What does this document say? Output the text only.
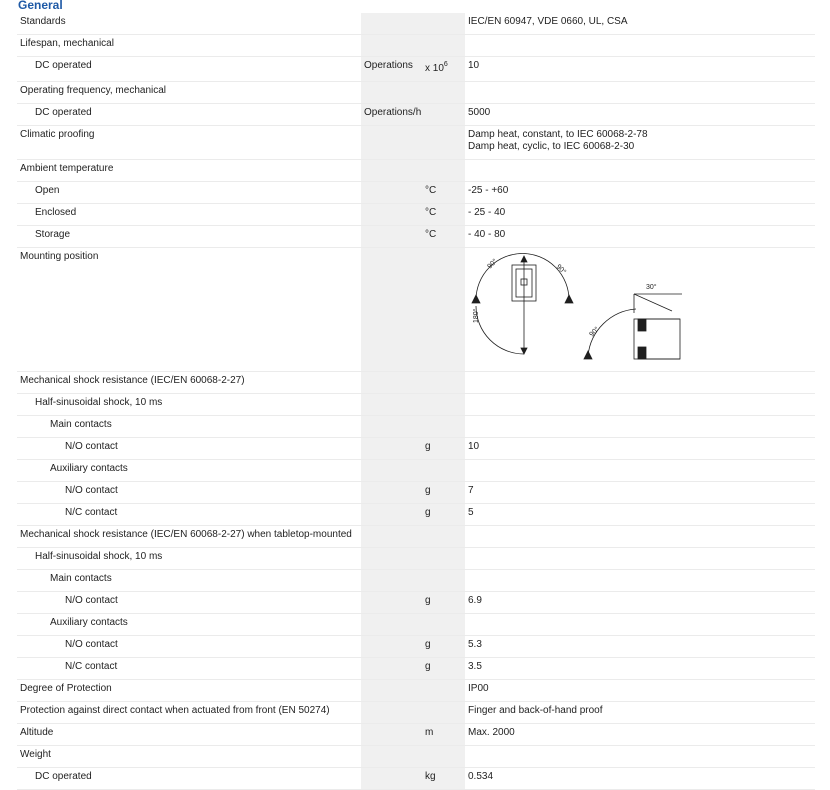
General
Standards			IEC/EN 60947, VDE 0660, UL, CSA
Lifespan, mechanical			
DC operated	Operations	x $10^6$	10
Operating frequency, mechanical			
DC operated	Operations/h		5000
Climatic proofing			Damp heat, constant, to IEC 60068-2-78
Damp heat, cyclic, to IEC 60068-2-30

Ambient temperature			
Open		°C	-25 - +60
Enclosed		°C	- 25 - 40
Storage		°C	- 40 - 80
Mounting position			90° 90°
180°
30°
90°

Mechanical shock resistance (IEC/EN 60068-2-27)			
Half-sinusoidal shock, 10 ms			
Main contacts			
N/O contact		g	10
Auxiliary contacts			
N/O contact		g	7
N/C contact		g	5
Mechanical shock resistance (IEC/EN 60068-2-27) when tabletop-mounted			
Half-sinusoidal shock, 10 ms			
Main contacts			
N/O contact		g	6.9
Auxiliary contacts			
N/O contact		g	5.3
N/C contact		g	3.5
Degree of Protection			IP00
Protection against direct contact when actuated from front (EN 50274)			Finger and back-of-hand proof
Altitude		m	Max. 2000
Weight			
DC operated		kg	0.534
